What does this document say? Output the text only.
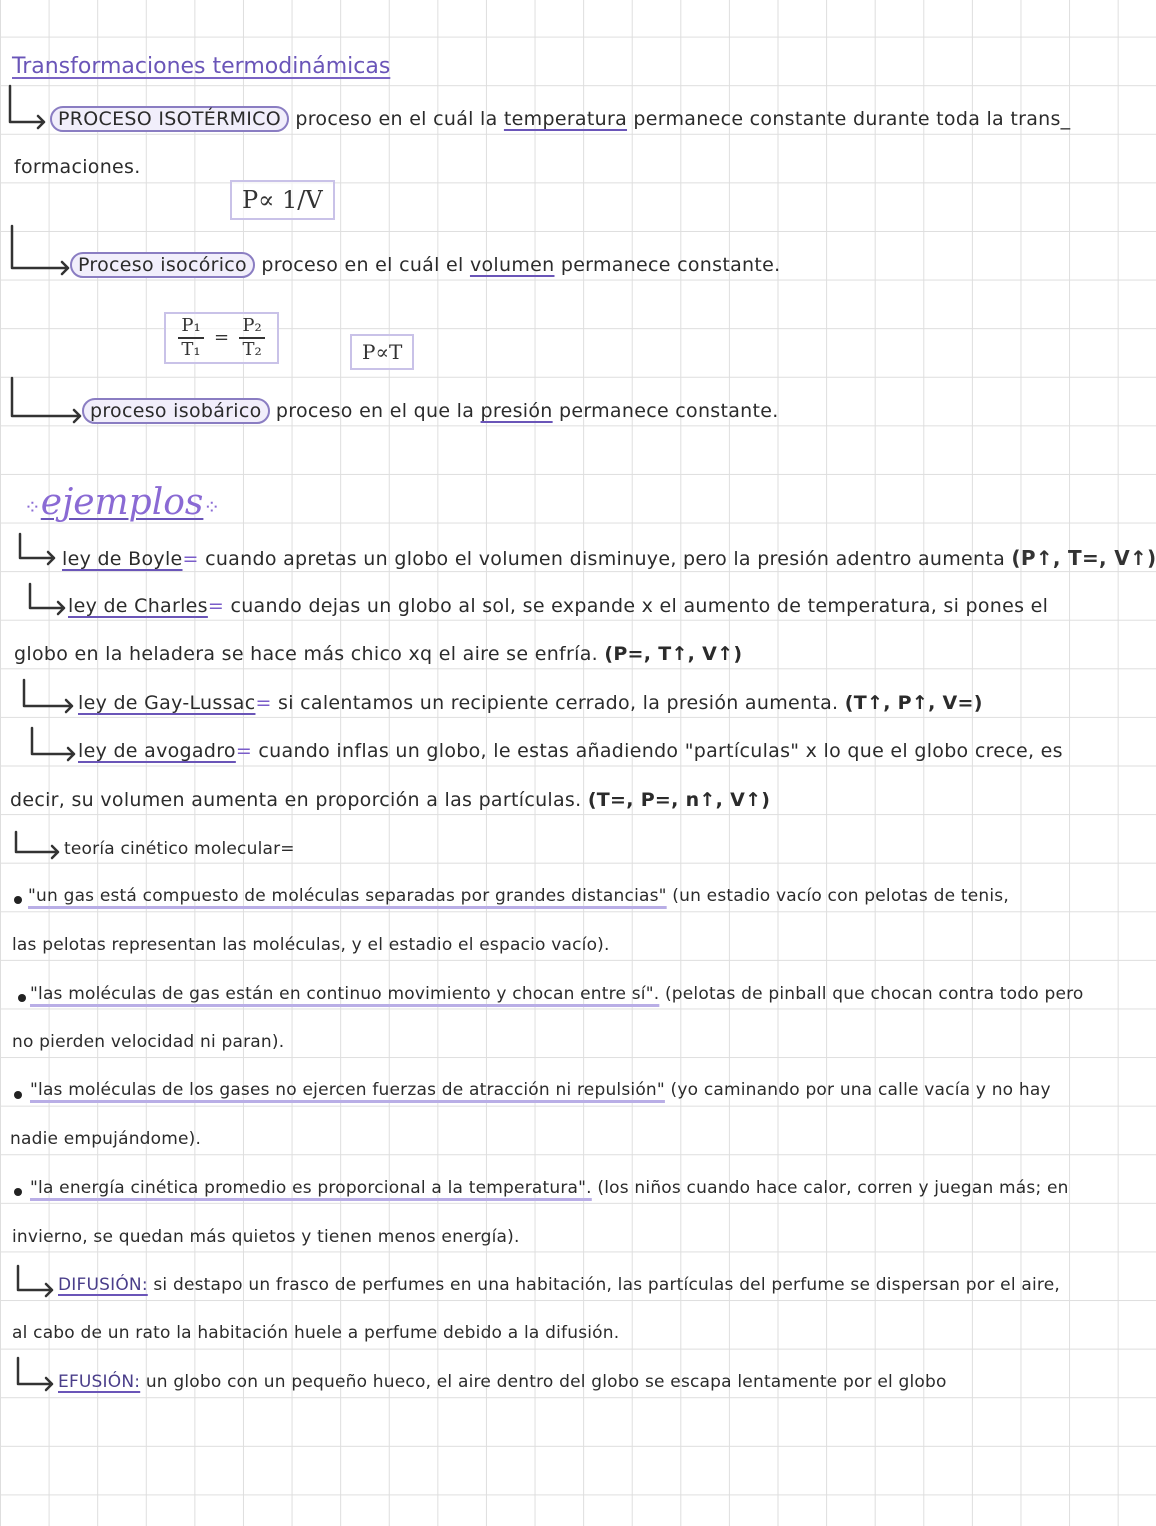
Transformaciones termodinámicas
PROCESO ISOTÉRMICO proceso en el cuál la temperatura permanece constante durante toda la trans_
formaciones.
P∝ 1/V
Proceso isocórico proceso en el cuál el volumen permanece constante.
$\frac{\text{P₁}}{\text{T₁}} = \frac{\text{P₂}}{\text{T₂}}$	P∝T
proceso isobárico proceso en el que la presión permanece constante.
⁘ejemplos⁘
ley de Boyle= cuando apretas un globo el volumen disminuye, pero la presión adentro aumenta (P↑, T=, V↑)
ley de Charles= cuando dejas un globo al sol, se expande x el aumento de temperatura, si pones el
globo en la heladera se hace más chico xq el aire se enfría. (P=, T↑, V↑)
ley de Gay-Lussac= si calentamos un recipiente cerrado, la presión aumenta. (T↑, P↑, V=)
ley de avogadro= cuando inflas un globo, le estas añadiendo "partículas" x lo que el globo crece, es
decir, su volumen aumenta en proporción a las partículas. (T=, P=, n↑, V↑)
teoría cinético molecular=
"un gas está compuesto de moléculas separadas por grandes distancias" (un estadio vacío con pelotas de tenis,
las pelotas representan las moléculas, y el estadio el espacio vacío).
"las moléculas de gas están en continuo movimiento y chocan entre sí". (pelotas de pinball que chocan contra todo pero
no pierden velocidad ni paran).
"las moléculas de los gases no ejercen fuerzas de atracción ni repulsión" (yo caminando por una calle vacía y no hay
nadie empujándome).
"la energía cinética promedio es proporcional a la temperatura". (los niños cuando hace calor, corren y juegan más; en
invierno, se quedan más quietos y tienen menos energía).
DIFUSIÓN: si destapo un frasco de perfumes en una habitación, las partículas del perfume se dispersan por el aire,
al cabo de un rato la habitación huele a perfume debido a la difusión.
EFUSIÓN: un globo con un pequeño hueco, el aire dentro del globo se escapa lentamente por el globo
